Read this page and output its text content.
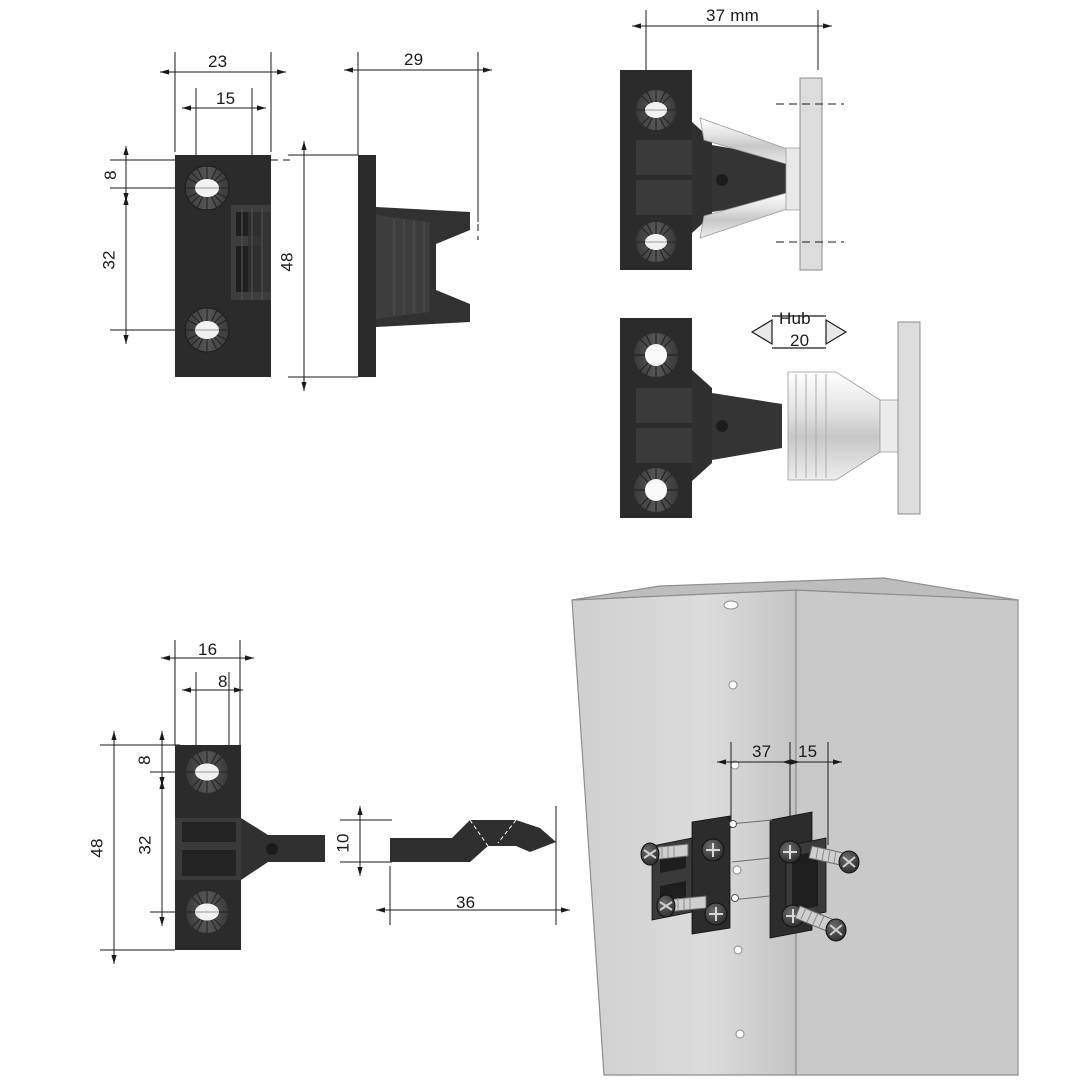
23
15
8
32
29
48
37 mm
Hub
20
16
8
8
32
48	10
36
37 15
